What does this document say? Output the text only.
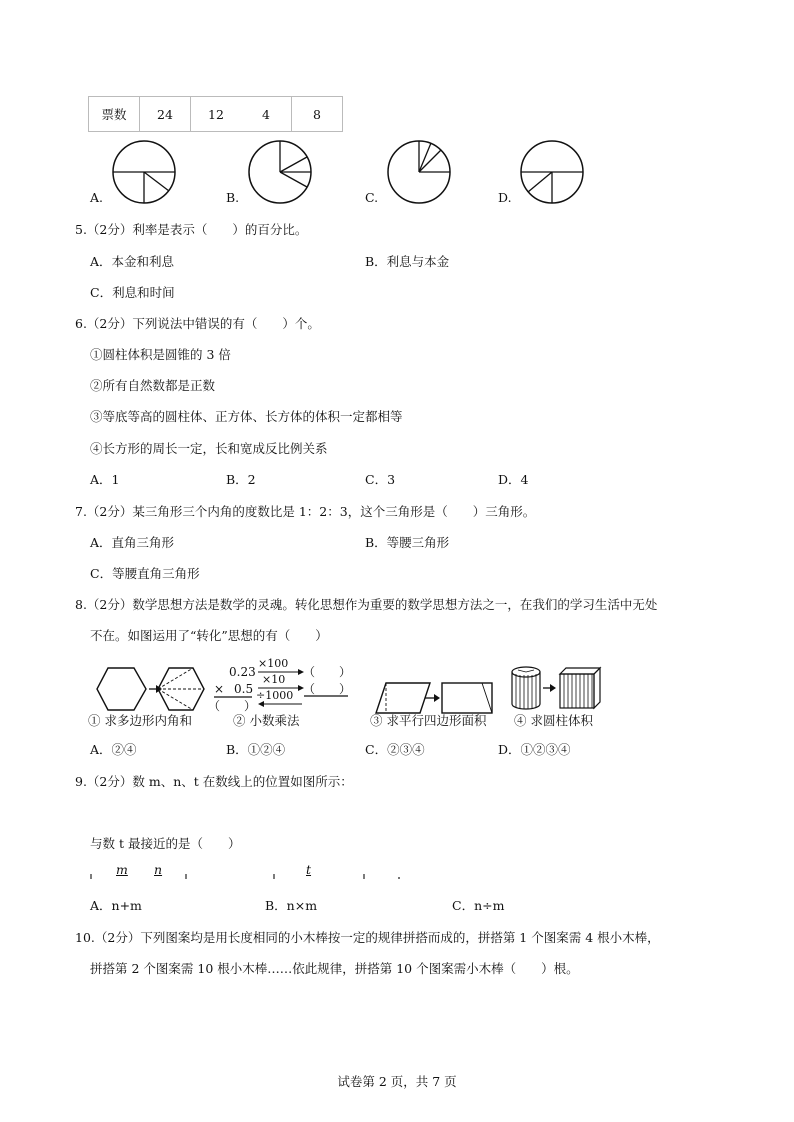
票数	24	12	4	8
A.	B.	C.	D.
5.（2分）利率是表示（　　）的百分比。
A．本金和利息	B．利息与本金
C．利息和时间
6.（2分）下列说法中错误的有（　　）个。
①圆柱体积是圆锥的 3 倍
②所有自然数都是正数
③等底等高的圆柱体、正方体、长方体的体积一定都相等
④长方形的周长一定，长和宽成反比例关系
A．1	B．2	C．3	D．4
7.（2分）某三角形三个内角的度数比是 1：2：3，这个三角形是（　　）三角形。
A．直角三角形	B．等腰三角形
C．等腰直角三角形
8.（2分）数学思想方法是数学的灵魂。转化思想作为重要的数学思想方法之一，在我们的学习生活中无处
不在。如图运用了“转化”思想的有（　　）
0.23
× 0.5
×100
×10
÷1000
（　　）
（　　）
（　　）
① 求多边形内角和	② 小数乘法	③ 求平行四边形面积 ④ 求圆柱体积
A．②④	B．①②④	C．②③④	D．①②③④
9.（2分）数 m、n、t 在数线上的位置如图所示：
与数 t 最接近的是（　　）
m n	t
A．n+m	B．n×m	C．n÷m
10.（2分）下列图案均是用长度相同的小木棒按一定的规律拼搭而成的，拼搭第 1 个图案需 4 根小木棒，
拼搭第 2 个图案需 10 根小木棒……依此规律，拼搭第 10 个图案需小木棒（　　）根。
试卷第 2 页，共 7 页
